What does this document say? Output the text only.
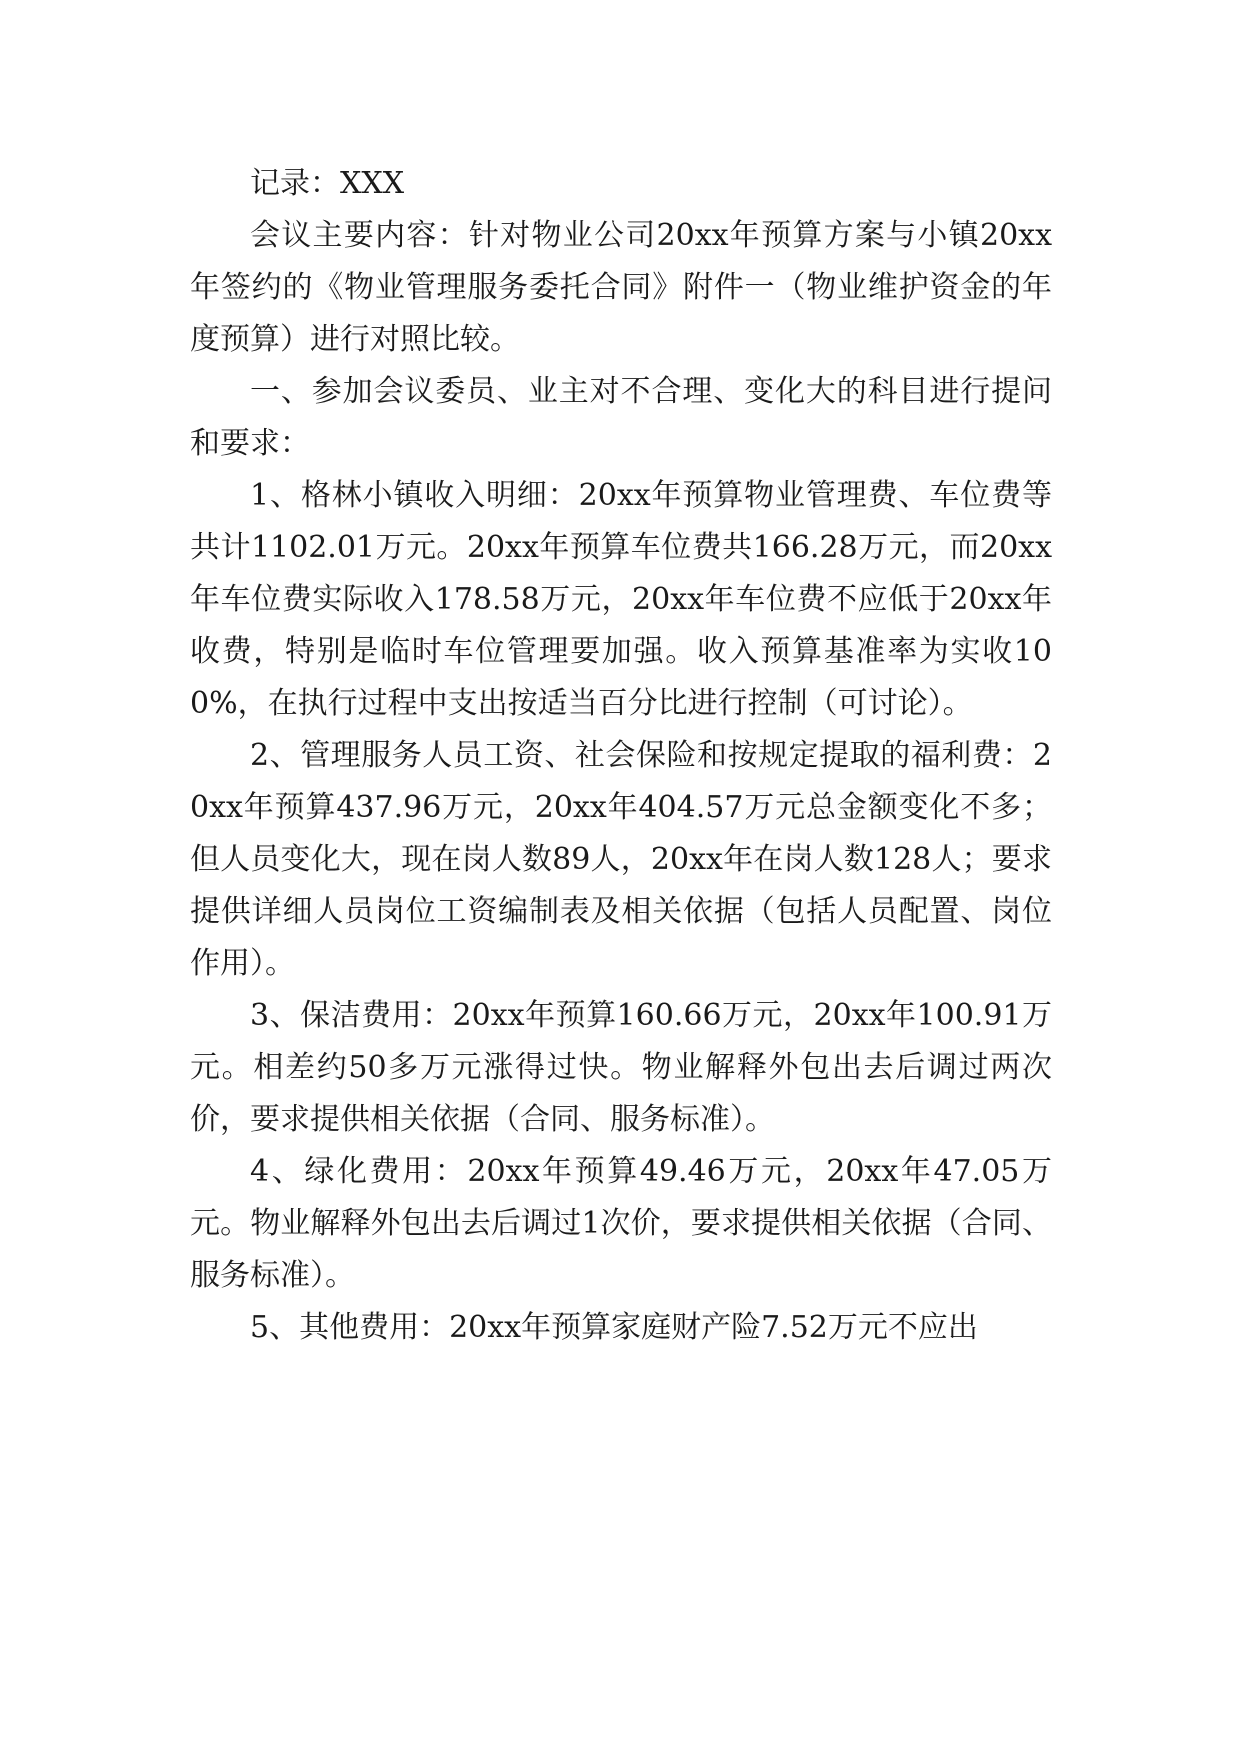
记录：XXX

会议主要内容：针对物业公司20xx年预算方案与小镇20xx年签约的《物业管理服务委托合同》附件一（物业维护资金的年度预算）进行对照比较。

一、参加会议委员、业主对不合理、变化大的科目进行提问和要求：

1、格林小镇收入明细：20xx年预算物业管理费、车位费等共计1102.01万元。20xx年预算车位费共166.28万元，而20xx年车位费实际收入178.58万元，20xx年车位费不应低于20xx年收费，特别是临时车位管理要加强。收入预算基准率为实收100%，在执行过程中支出按适当百分比进行控制（可讨论）。

2、管理服务人员工资、社会保险和按规定提取的福利费：20xx年预算437.96万元，20xx年404.57万元总金额变化不多；但人员变化大，现在岗人数89人，20xx年在岗人数128人；要求提供详细人员岗位工资编制表及相关依据（包括人员配置、岗位作用）。

3、保洁费用：20xx年预算160.66万元，20xx年100.91万元。相差约50多万元涨得过快。物业解释外包出去后调过两次价，要求提供相关依据（合同、服务标准）。

4、绿化费用：20xx年预算49.46万元，20xx年47.05万元。物业解释外包出去后调过1次价，要求提供相关依据（合同、服务标准）。

5、其他费用：20xx年预算家庭财产险7.52万元不应出
